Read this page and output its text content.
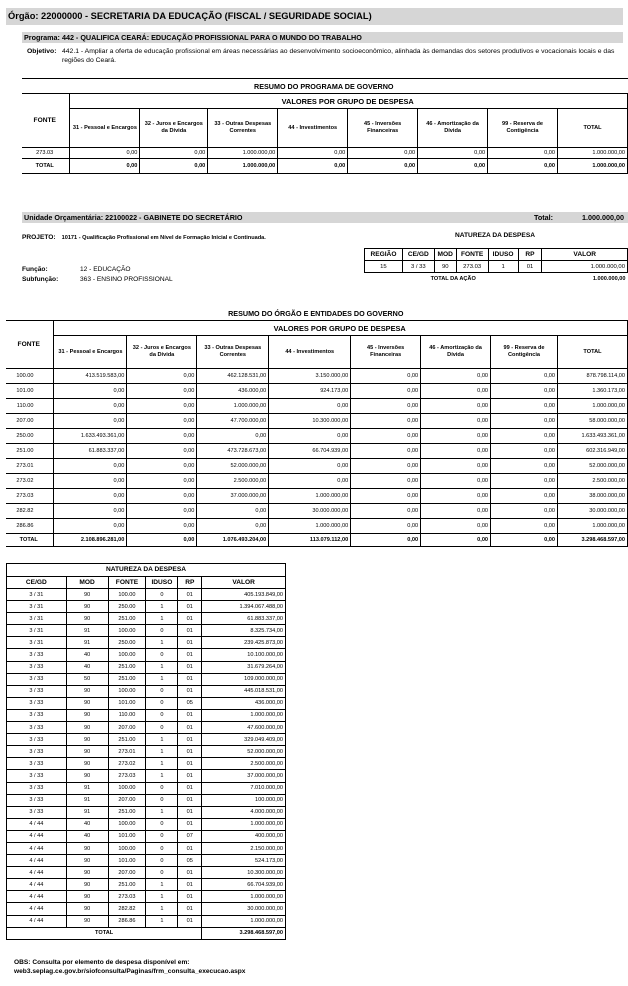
Órgão: 22000000 - SECRETARIA DA EDUCAÇÃO (FISCAL / SEGURIDADE SOCIAL)
Programa: 442 - QUALIFICA CEARÁ: EDUCAÇÃO PROFISSIONAL PARA O MUNDO DO TRABALHO
Objetivo: 442.1 - Ampliar a oferta de educação profissional em áreas necessárias ao desenvolvimento socioeconômico, alinhada às demandas dos setores produtivos e vocacionais locais e das regiões do Ceará.
RESUMO DO PROGRAMA DE GOVERNO								
FONTE	VALORES POR GRUPO DE DESPESA							
	31 - Pessoal e Encargos	32 - Juros e Encargos da Dívida	33 - Outras Despesas Correntes	44 - Investimentos	45 - Inversões Financeiras	46 - Amortização da Dívida	99 - Reserva de Contigência	TOTAL
273.03	0,00	0,00	1.000.000,00	0,00	0,00	0,00	0,00	1.000.000,00
TOTAL	0,00	0,00	1.000.000,00	0,00	0,00	0,00	0,00	1.000.000,00
Unidade Orçamentária: 22100022 - GABINETE DO SECRETÁRIO	Total:	1.000.000,00
PROJETO: 10171 - Qualificação Profissional em Nível de Formação Inicial e Continuada.	NATUREZA DA DESPESA
REGIÃO	CE/GD	MOD	FONTE	IDUSO	RP	VALOR
15	3 / 33	90	273.03	1	01	1.000.000,00
TOTAL DA AÇÃO						1.000.000,00
Função:	12 - EDUCAÇÃO
Subfunção:	363 - ENSINO PROFISSIONAL
RESUMO DO ÓRGÃO E ENTIDADES DO GOVERNO								
FONTE	VALORES POR GRUPO DE DESPESA							
	31 - Pessoal e Encargos	32 - Juros e Encargos da Dívida	33 - Outras Despesas Correntes	44 - Investimentos	45 - Inversões Financeiras	46 - Amortização da Dívida	99 - Reserva de Contigência	TOTAL
100.00	413.519.583,00	0,00	462.128.531,00	3.150.000,00	0,00	0,00	0,00	878.798.114,00
101.00	0,00	0,00	436.000,00	924.173,00	0,00	0,00	0,00	1.360.173,00
110.00	0,00	0,00	1.000.000,00	0,00	0,00	0,00	0,00	1.000.000,00
207.00	0,00	0,00	47.700.000,00	10.300.000,00	0,00	0,00	0,00	58.000.000,00
250.00	1.633.493.361,00	0,00	0,00	0,00	0,00	0,00	0,00	1.633.493.361,00
251.00	61.883.337,00	0,00	473.728.673,00	66.704.939,00	0,00	0,00	0,00	602.316.949,00
273.01	0,00	0,00	52.000.000,00	0,00	0,00	0,00	0,00	52.000.000,00
273.02	0,00	0,00	2.500.000,00	0,00	0,00	0,00	0,00	2.500.000,00
273.03	0,00	0,00	37.000.000,00	1.000.000,00	0,00	0,00	0,00	38.000.000,00
282.82	0,00	0,00	0,00	30.000.000,00	0,00	0,00	0,00	30.000.000,00
286.86	0,00	0,00	0,00	1.000.000,00	0,00	0,00	0,00	1.000.000,00
TOTAL	2.108.896.281,00	0,00	1.076.493.204,00	113.079.112,00	0,00	0,00	0,00	3.298.468.597,00
NATUREZA DA DESPESA					
CE/GD	MOD	FONTE	IDUSO	RP	VALOR
3 / 31	90	100.00	0	01	405.193.849,00
3 / 31	90	250.00	1	01	1.394.067.488,00
3 / 31	90	251.00	1	01	61.883.337,00
3 / 31	91	100.00	0	01	8.325.734,00
3 / 31	91	250.00	1	01	239.425.873,00
3 / 33	40	100.00	0	01	10.100.000,00
3 / 33	40	251.00	1	01	31.679.264,00
3 / 33	50	251.00	1	01	109.000.000,00
3 / 33	90	100.00	0	01	445.018.531,00
3 / 33	90	101.00	0	05	436.000,00
3 / 33	90	110.00	0	01	1.000.000,00
3 / 33	90	207.00	0	01	47.600.000,00
3 / 33	90	251.00	1	01	329.049.409,00
3 / 33	90	273.01	1	01	52.000.000,00
3 / 33	90	273.02	1	01	2.500.000,00
3 / 33	90	273.03	1	01	37.000.000,00
3 / 33	91	100.00	0	01	7.010.000,00
3 / 33	91	207.00	0	01	100.000,00
3 / 33	91	251.00	1	01	4.000.000,00
4 / 44	40	100.00	0	01	1.000.000,00
4 / 44	40	101.00	0	07	400.000,00
4 / 44	90	100.00	0	01	2.150.000,00
4 / 44	90	101.00	0	05	524.173,00
4 / 44	90	207.00	0	01	10.300.000,00
4 / 44	90	251.00	1	01	66.704.939,00
4 / 44	90	273.03	1	01	1.000.000,00
4 / 44	90	282.82	1	01	30.000.000,00
4 / 44	90	286.86	1	01	1.000.000,00
TOTAL					3.298.468.597,00
OBS: Consulta por elemento de despesa disponível em:
web3.seplag.ce.gov.br/siofconsulta/Paginas/frm_consulta_execucao.aspx
